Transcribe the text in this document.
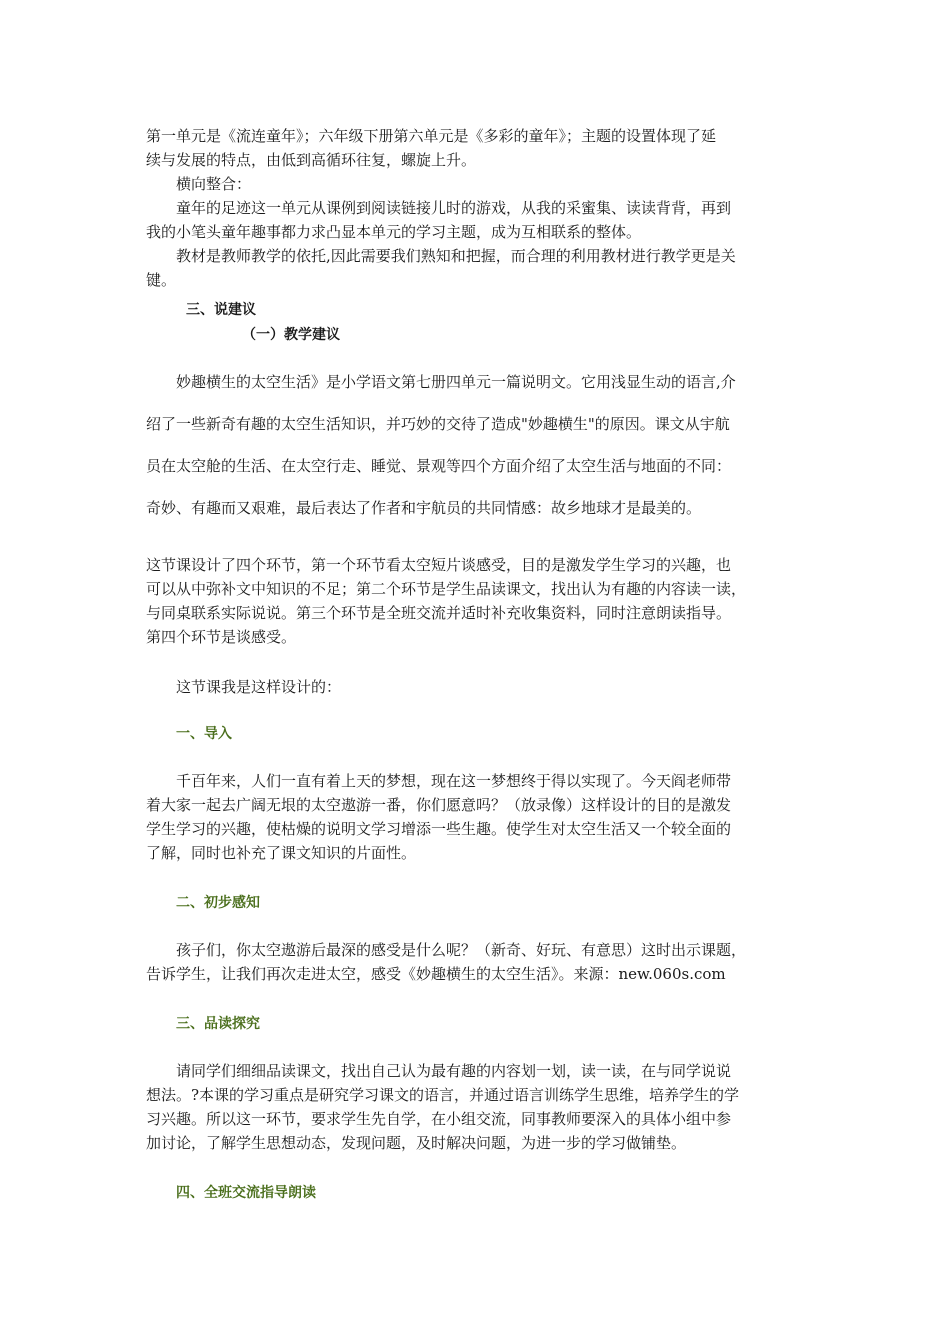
第一单元是《流连童年》；六年级下册第六单元是《多彩的童年》；主题的设置体现了延
续与发展的特点，由低到高循环往复，螺旋上升。
横向整合：
童年的足迹这一单元从课例到阅读链接儿时的游戏，从我的采蜜集、读读背背，再到
我的小笔头童年趣事都力求凸显本单元的学习主题，成为互相联系的整体。
教材是教师教学的依托,因此需要我们熟知和把握，而合理的利用教材进行教学更是关
键。
三、说建议
（一）教学建议
妙趣横生的太空生活》是小学语文第七册四单元一篇说明文。它用浅显生动的语言,介
绍了一些新奇有趣的太空生活知识，并巧妙的交待了造成"妙趣横生"的原因。课文从宇航
员在太空舱的生活、在太空行走、睡觉、景观等四个方面介绍了太空生活与地面的不同：
奇妙、有趣而又艰难，最后表达了作者和宇航员的共同情感：故乡地球才是最美的。
这节课设计了四个环节，第一个环节看太空短片谈感受，目的是激发学生学习的兴趣，也
可以从中弥补文中知识的不足；第二个环节是学生品读课文，找出认为有趣的内容读一读，
与同桌联系实际说说。第三个环节是全班交流并适时补充收集资料，同时注意朗读指导。
第四个环节是谈感受。
这节课我是这样设计的：
一、导入
千百年来，人们一直有着上天的梦想，现在这一梦想终于得以实现了。今天阎老师带
着大家一起去广阔无垠的太空遨游一番，你们愿意吗？（放录像）这样设计的目的是激发
学生学习的兴趣，使枯燥的说明文学习增添一些生趣。使学生对太空生活又一个较全面的
了解，同时也补充了课文知识的片面性。
二、初步感知
孩子们，你太空遨游后最深的感受是什么呢？（新奇、好玩、有意思）这时出示课题，
告诉学生，让我们再次走进太空，感受《妙趣横生的太空生活》。来源：new.060s.com
三、品读探究
请同学们细细品读课文，找出自己认为最有趣的内容划一划，读一读，在与同学说说
想法。?本课的学习重点是研究学习课文的语言，并通过语言训练学生思维，培养学生的学
习兴趣。所以这一环节，要求学生先自学，在小组交流，同事教师要深入的具体小组中参
加讨论，了解学生思想动态，发现问题，及时解决问题，为进一步的学习做铺垫。
四、全班交流指导朗读
